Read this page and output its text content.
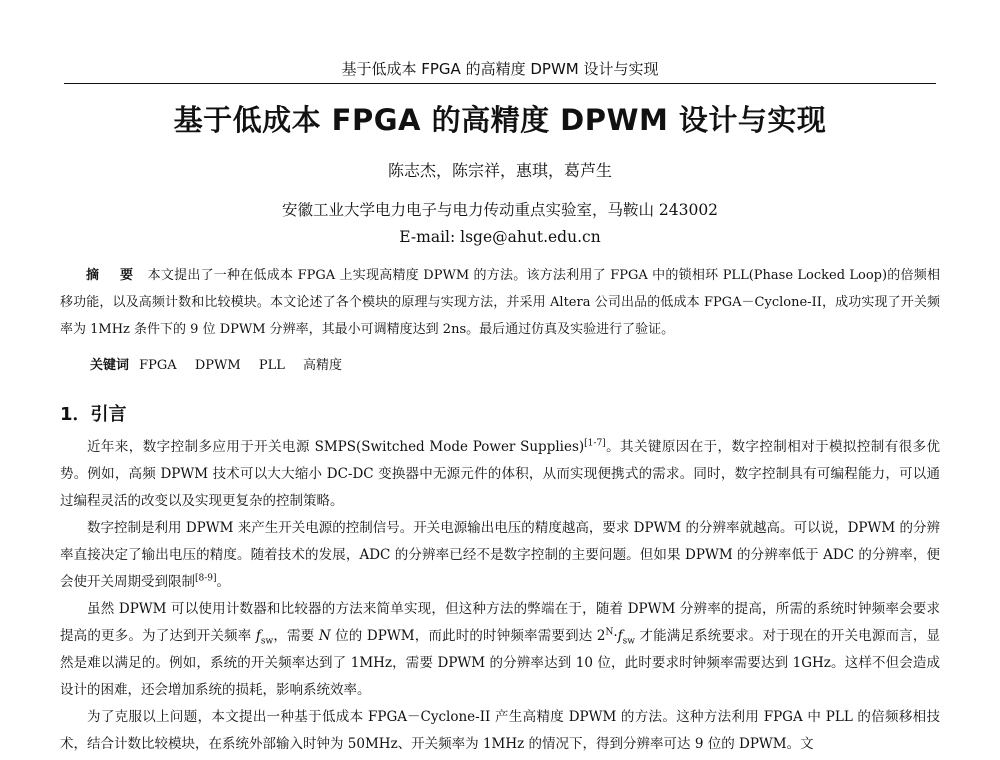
基于低成本 FPGA 的高精度 DPWM 设计与实现
基于低成本 FPGA 的高精度 DPWM 设计与实现
陈志杰，陈宗祥，惠琪，葛芦生
安徽工业大学电力电子与电力传动重点实验室，马鞍山 243002
E-mail: lsge@ahut.edu.cn
摘 要 本文提出了一种在低成本 FPGA 上实现高精度 DPWM 的方法。该方法利用了 FPGA 中的锁相环 PLL(Phase Locked Loop)的倍频相移功能，以及高频计数和比较模块。本文论述了各个模块的原理与实现方法，并采用 Altera 公司出品的低成本 FPGA－Cyclone-II，成功实现了开关频率为 1MHz 条件下的 9 位 DPWM 分辨率，其最小可调精度达到 2ns。最后通过仿真及实验进行了验证。
关键词 FPGA DPWM PLL 高精度
1．引言

近年来，数字控制多应用于开关电源 SMPS(Switched Mode Power Supplies)[1-7]。其关键原因在于，数字控制相对于模拟控制有很多优势。例如，高频 DPWM 技术可以大大缩小 DC-DC 变换器中无源元件的体积，从而实现便携式的需求。同时，数字控制具有可编程能力，可以通过编程灵活的改变以及实现更复杂的控制策略。

数字控制是利用 DPWM 来产生开关电源的控制信号。开关电源输出电压的精度越高，要求 DPWM 的分辨率就越高。可以说，DPWM 的分辨率直接决定了输出电压的精度。随着技术的发展，ADC 的分辨率已经不是数字控制的主要问题。但如果 DPWM 的分辨率低于 ADC 的分辨率，便会使开关周期受到限制[8-9]。

虽然 DPWM 可以使用计数器和比较器的方法来简单实现，但这种方法的弊端在于，随着 DPWM 分辨率的提高，所需的系统时钟频率会要求提高的更多。为了达到开关频率 $f_{sw}$，需要 N 位的 DPWM，而此时的时钟频率需要到达 $2^N\cdot f_{sw}$ 才能满足系统要求。对于现在的开关电源而言，显然是难以满足的。例如，系统的开关频率达到了 1MHz，需要 DPWM 的分辨率达到 10 位，此时要求时钟频率需要达到 1GHz。这样不但会造成设计的困难，还会增加系统的损耗，影响系统效率。

为了克服以上问题，本文提出一种基于低成本 FPGA－Cyclone-II 产生高精度 DPWM 的方法。这种方法利用 FPGA 中 PLL 的倍频移相技术，结合计数比较模块，在系统外部输入时钟为 50MHz、开关频率为 1MHz 的情况下，得到分辨率可达 9 位的 DPWM。文
